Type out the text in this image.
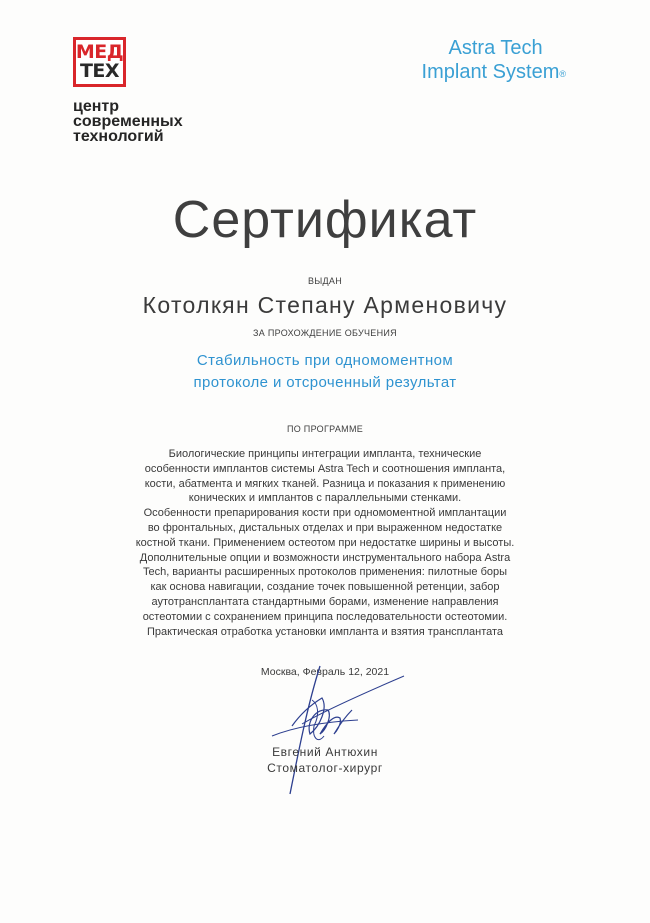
МЕД
ТЕХ
центр
современных
технологий
Astra Tech
Implant System®
Сертификат
ВЫДАН
Котолкян Степану Арменовичу
ЗА ПРОХОЖДЕНИЕ ОБУЧЕНИЯ
Стабильность при одномоментном
протоколе и отсроченный результат
ПО ПРОГРАММЕ
Биологические принципы интеграции импланта, технические
особенности имплантов системы Astra Tech и соотношения импланта,
кости, абатмента и мягких тканей. Разница и показания к применению
конических и имплантов с параллельными стенками.
Особенности препарирования кости при одномоментной имплантации
во фронтальных, дистальных отделах и при выраженном недостатке
костной ткани. Применением остеотом при недостатке ширины и высоты.
Дополнительные опции и возможности инструментального набора Astra
Tech, варианты расширенных протоколов применения: пилотные боры
как основа навигации, создание точек повышенной ретенции, забор
аутотрансплантата стандартными борами, изменение направления
остеотомии с сохранением принципа последовательности остеотомии.
Практическая отработка установки импланта и взятия трансплантата
Москва, Февраль 12, 2021
Евгений Антюхин
Стоматолог-хирург
